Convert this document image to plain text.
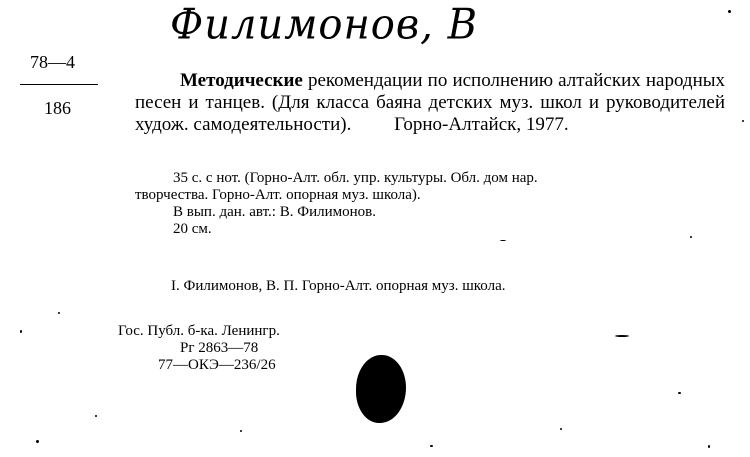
Филимонов, В
78—4
186
Методические рекомендации по исполнению алтайских народных песен и танцев. (Для класса баяна детских муз. школ и руководителей худож. самодеятельности). Горно-Алтайск, 1977.
35 с. с нот. (Горно-Алт. обл. упр. культуры. Обл. дом нар.
творчества. Горно-Алт. опорная муз. школа).
В вып. дан. авт.: В. Филимонов.
20 см.
I. Филимонов, В. П. Горно-Алт. опорная муз. школа.
Гос. Публ. б-ка. Ленингр.
Рг 2863—78
77—ОКЭ—236/26
